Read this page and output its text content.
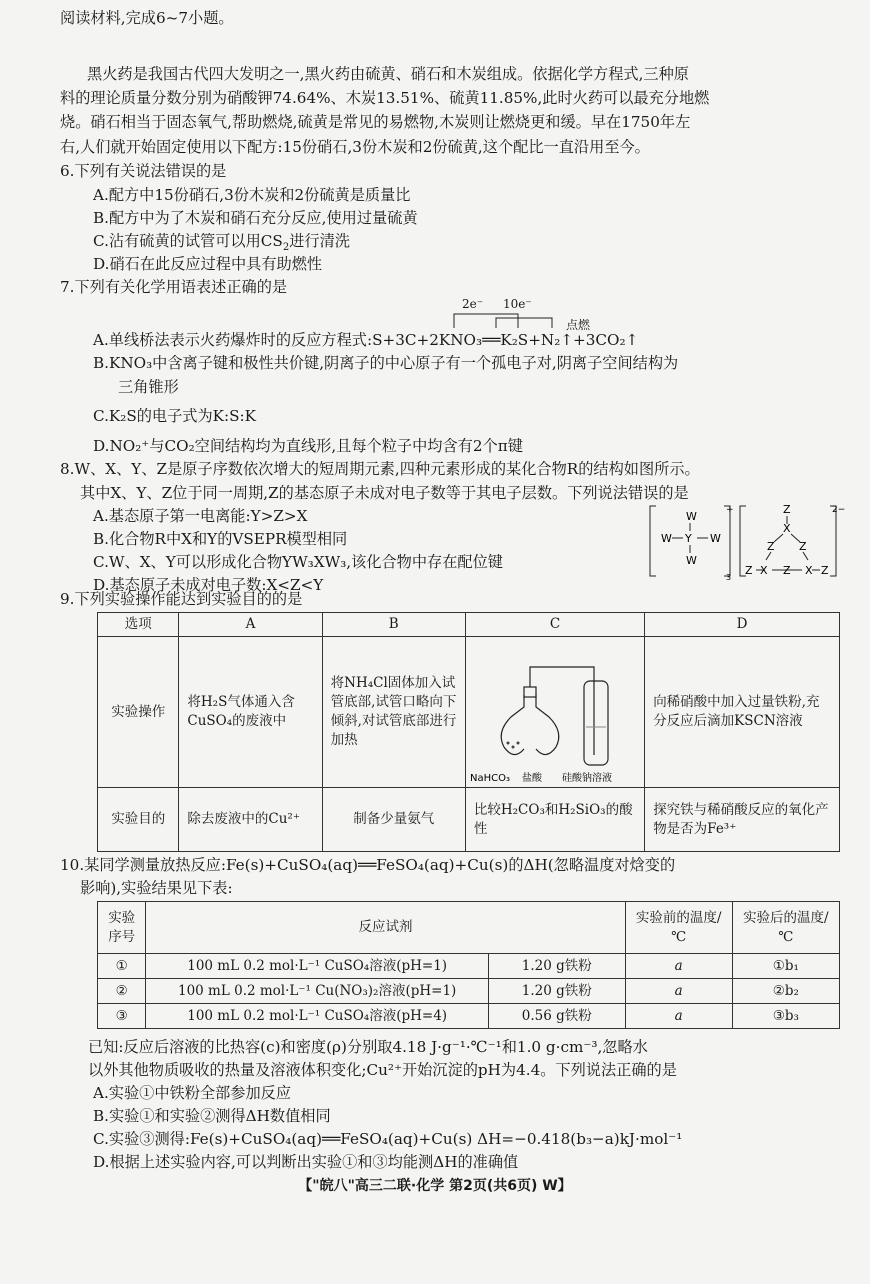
阅读材料,完成6~7小题。
黑火药是我国古代四大发明之一,黑火药由硫黄、硝石和木炭组成。依据化学方程式,三种原
料的理论质量分数分别为硝酸钾74.64%、木炭13.51%、硫黄11.85%,此时火药可以最充分地燃
烧。硝石相当于固态氧气,帮助燃烧,硫黄是常见的易燃物,木炭则让燃烧更和缓。早在1750年左
右,人们就开始固定使用以下配方:15份硝石,3份木炭和2份硫黄,这个配比一直沿用至今。
6.下列有关说法错误的是
A.配方中15份硝石,3份木炭和2份硫黄是质量比
B.配方中为了木炭和硝石充分反应,使用过量硫黄
C.沾有硫黄的试管可以用$CS_2$进行清洗
D.硝石在此反应过程中具有助燃性
7.下列有关化学用语表述正确的是
2e⁻ 10e⁻
点燃
A.单线桥法表示火药爆炸时的反应方程式:S+3C+2KNO₃══K₂S+N₂↑+3CO₂↑
B.KNO₃中含离子键和极性共价键,阴离子的中心原子有一个孤电子对,阴离子空间结构为
三角锥形
C.K₂S的电子式为K:S:K
D.NO₂⁺与CO₂空间结构均为直线形,且每个粒子中均含有2个π键
8.W、X、Y、Z是原子序数依次增大的短周期元素,四种元素形成的某化合物R的结构如图所示。
其中X、Y、Z位于同一周期,Z的基态原子未成对电子数等于其电子层数。下列说法错误的是
A.基态原子第一电离能:Y>Z>X
B.化合物R中X和Y的VSEPR模型相同
C.W、X、Y可以形成化合物YW₃XW₃,该化合物中存在配位键
D.基态原子未成对电子数:X<Z<Y
W
W Y W
W
+
3
Z
X
Z Z
Z X Z X Z
2−
9.下列实验操作能达到实验目的的是
选项	A	B	C	D
实验操作	将H₂S气体通入含CuSO₄的废液中	将NH₄Cl固体加入试管底部,试管口略向下倾斜,对试管底部进行加热	NaHCO₃ 盐酸 硅酸钠溶液	向稀硝酸中加入过量铁粉,充分反应后滴加KSCN溶液
实验目的	除去废液中的Cu²⁺	制备少量氨气	比较H₂CO₃和H₂SiO₃的酸性	探究铁与稀硝酸反应的氧化产物是否为Fe³⁺
10.某同学测量放热反应:Fe(s)+CuSO₄(aq)══FeSO₄(aq)+Cu(s)的ΔH(忽略温度对焓变的
影响),实验结果见下表:
实验序号	反应试剂		实验前的温度/℃	实验后的温度/℃
①	100 mL 0.2 mol·L⁻¹ CuSO₄溶液(pH=1)	1.20 g铁粉	a	①b₁
②	100 mL 0.2 mol·L⁻¹ Cu(NO₃)₂溶液(pH=1)	1.20 g铁粉	a	②b₂
③	100 mL 0.2 mol·L⁻¹ CuSO₄溶液(pH=4)	0.56 g铁粉	a	③b₃
已知:反应后溶液的比热容(c)和密度(ρ)分别取4.18 J·g⁻¹·℃⁻¹和1.0 g·cm⁻³,忽略水
以外其他物质吸收的热量及溶液体积变化;Cu²⁺开始沉淀的pH为4.4。下列说法正确的是
A.实验①中铁粉全部参加反应
B.实验①和实验②测得ΔH数值相同
C.实验③测得:Fe(s)+CuSO₄(aq)══FeSO₄(aq)+Cu(s) ΔH=−0.418(b₃−a)kJ·mol⁻¹
D.根据上述实验内容,可以判断出实验①和③均能测ΔH的准确值
【"皖八"高三二联·化学 第2页(共6页) W】
